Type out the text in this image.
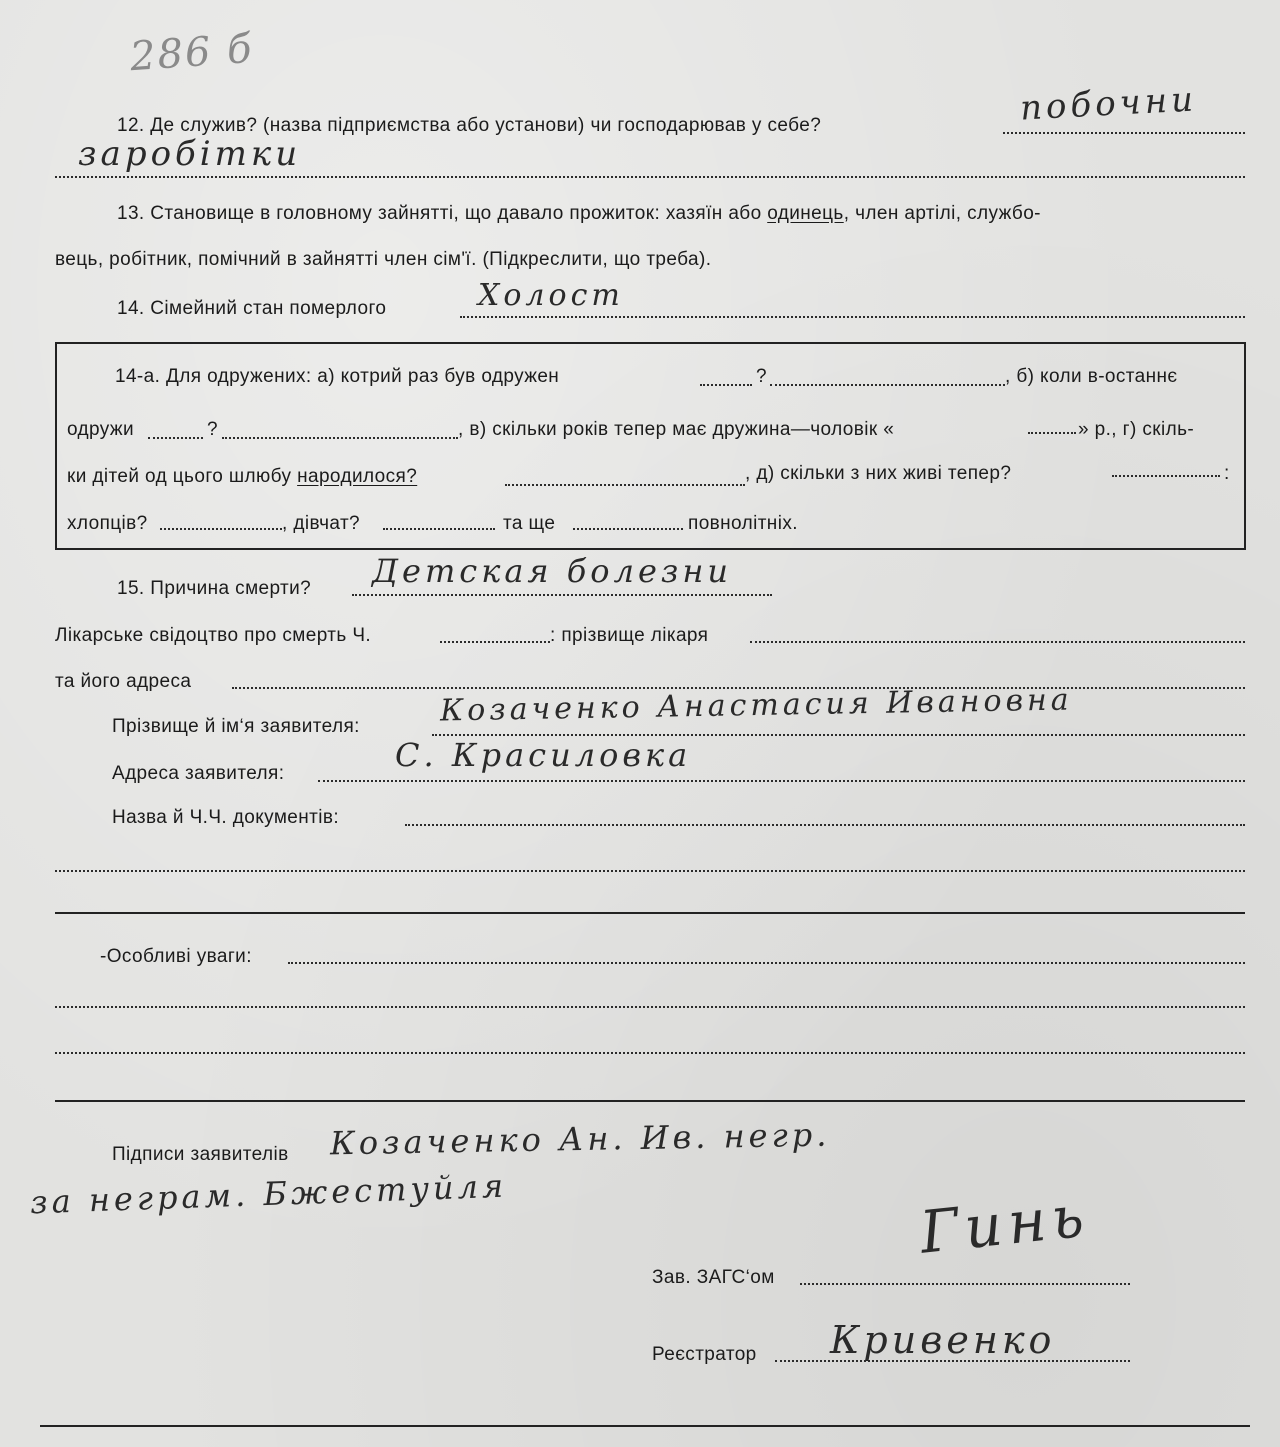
286 б
12. Де служив? (назва підприємства або установи) чи господарював у себе?	побочни
заробітки
13. Становище в головному зайнятті, що давало прожиток: хазяїн або одинець, член артілі, службо-
вець, робітник, помічний в зайнятті член сім'ї. (Підкреслити, що треба).
14. Сімейний стан померлого	Холост
14-а. Для одружених: а) котрий раз був одружен	?	, б) коли в-останнє
одружи	?	, в) скільки років тепер має дружина—чоловік «	» р., г) скіль-
ки дітей од цього шлюбу народилося?	, д) скільки з них живі тепер?	:
хлопців?	, дівчат?	та ще	повнолітніх.
15. Причина смерти? Детская болезни
Лікарське свідоцтво про смерть Ч.	: прізвище лікаря
та його адреса
Прізвище й ім‘я заявителя:	Козаченко Анастасия Ивановна
Адреса заявителя:	С. Красиловка
Назва й Ч.Ч. документів:
-Особливі уваги:
Підписи заявителів Козаченко Ан. Ив. негр.
за неграм. Бжестуйля
Зав. ЗАГС‘ом
Гинь
Реєстратор Кривенко
